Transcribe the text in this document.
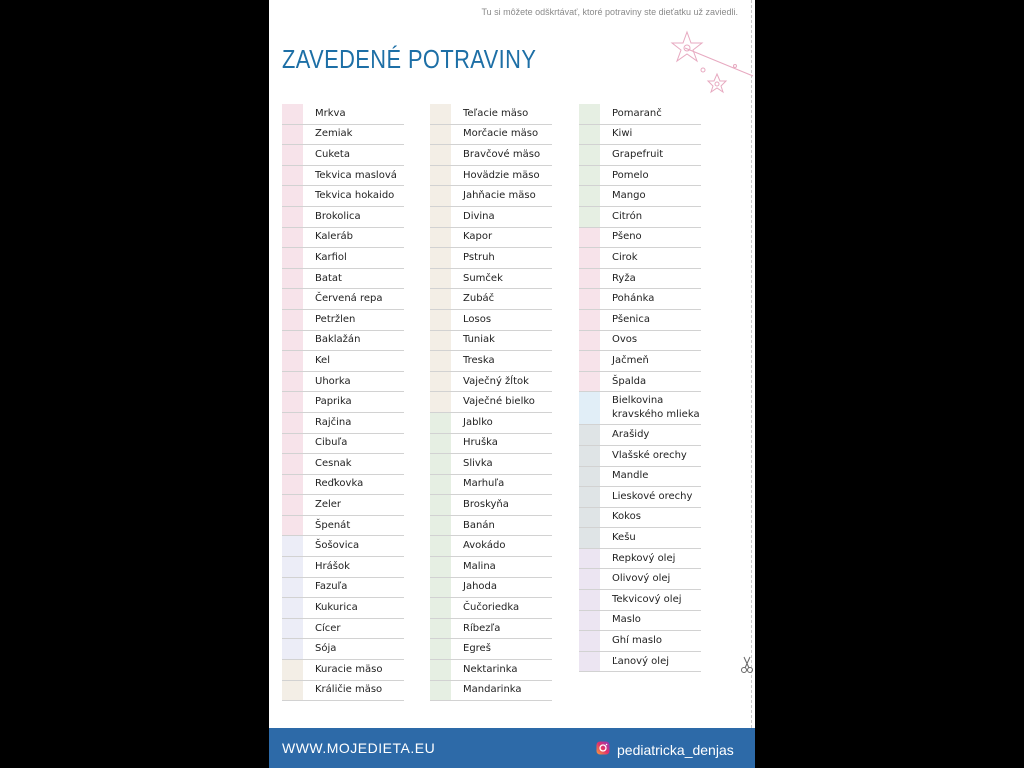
Tu si môžete odškrtávať, ktoré potraviny ste dieťatku už zaviedli.
ZAVEDENÉ POTRAVINY
Mrkva
Zemiak
Cuketa
Tekvica maslová
Tekvica hokaido
Brokolica
Kaleráb
Karfiol
Batat
Červená repa
Petržlen
Baklažán
Kel
Uhorka
Paprika
Rajčina
Cibuľa
Cesnak
Reďkovka
Zeler
Špenát
Šošovica
Hrášok
Fazuľa
Kukurica
Cícer
Sója
Kuracie mäso
Králičie mäso
Teľacie mäso
Morčacie mäso
Bravčové mäso
Hovädzie mäso
Jahňacie mäso
Divina
Kapor
Pstruh
Sumček
Zubáč
Losos
Tuniak
Treska
Vaječný žĺtok
Vaječné bielko
Jablko
Hruška
Slivka
Marhuľa
Broskyňa
Banán
Avokádo
Malina
Jahoda
Čučoriedka
Ríbezľa
Egreš
Nektarinka
Mandarinka
Pomaranč
Kiwi
Grapefruit
Pomelo
Mango
Citrón
Pšeno
Cirok
Ryža
Pohánka
Pšenica
Ovos
Jačmeň
Špalda
Bielkovina kravského mlieka
Arašidy
Vlašské orechy
Mandle
Lieskové orechy
Kokos
Kešu
Repkový olej
Olivový olej
Tekvicový olej
Maslo
Ghí maslo
Ľanový olej
WWW.MOJEDIETA.EU	pediatricka_denjas
